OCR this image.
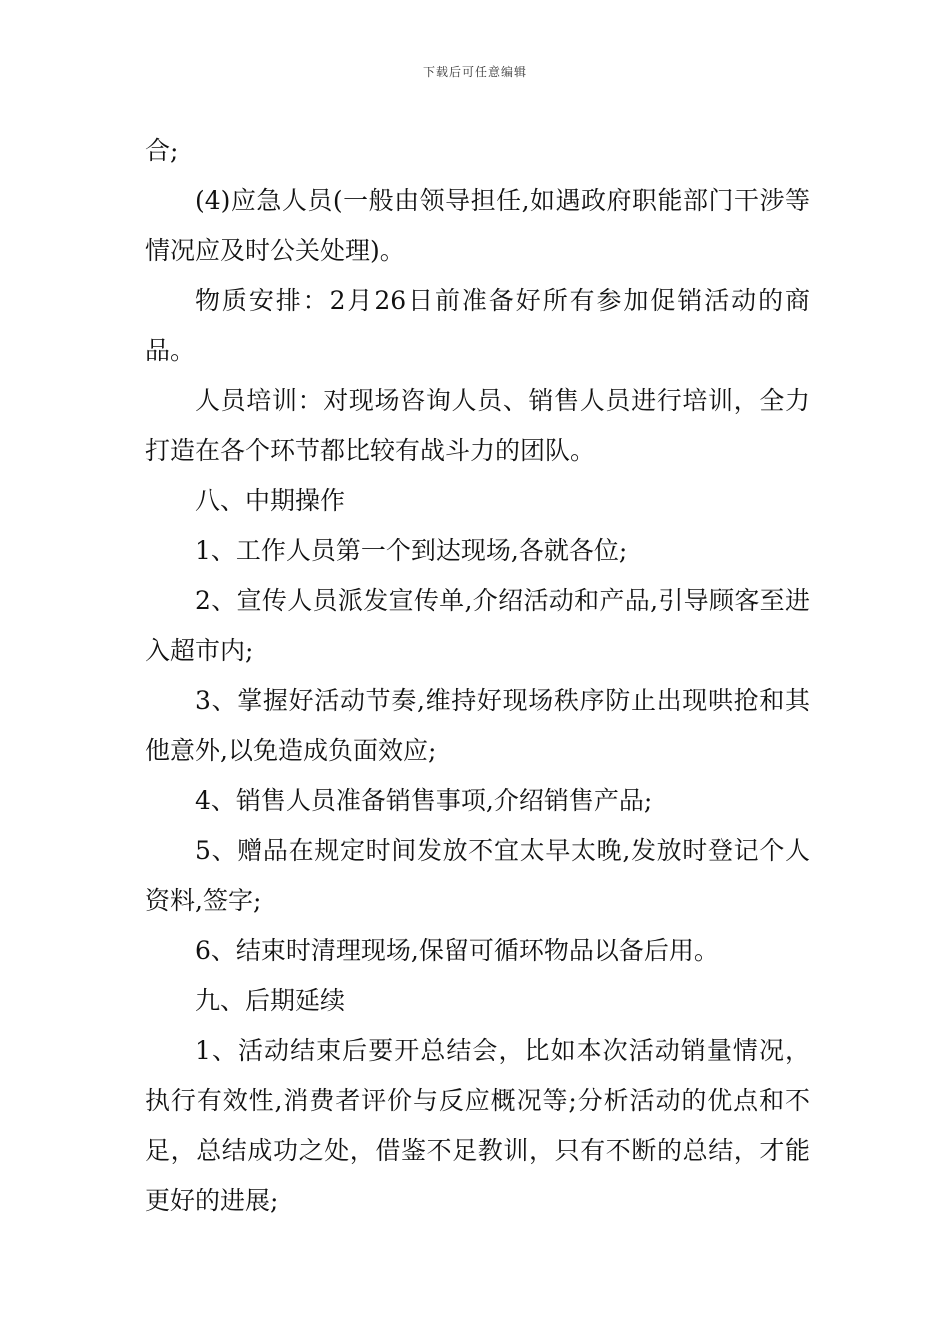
下载后可任意编辑

合;

(4)应急人员(一般由领导担任,如遇政府职能部门干涉等情况应及时公关处理)。

物质安排：2月26日前准备好所有参加促销活动的商品。

人员培训：对现场咨询人员、销售人员进行培训，全力打造在各个环节都比较有战斗力的团队。

八、中期操作

1、工作人员第一个到达现场,各就各位;

2、宣传人员派发宣传单,介绍活动和产品,引导顾客至进入超市内;

3、掌握好活动节奏,维持好现场秩序防止出现哄抢和其他意外,以免造成负面效应;

4、销售人员准备销售事项,介绍销售产品;

5、赠品在规定时间发放不宜太早太晚,发放时登记个人资料,签字;

6、结束时清理现场,保留可循环物品以备后用。

九、后期延续

1、活动结束后要开总结会，比如本次活动销量情况，执行有效性,消费者评价与反应概况等;分析活动的优点和不足，总结成功之处，借鉴不足教训，只有不断的总结，才能更好的进展;
